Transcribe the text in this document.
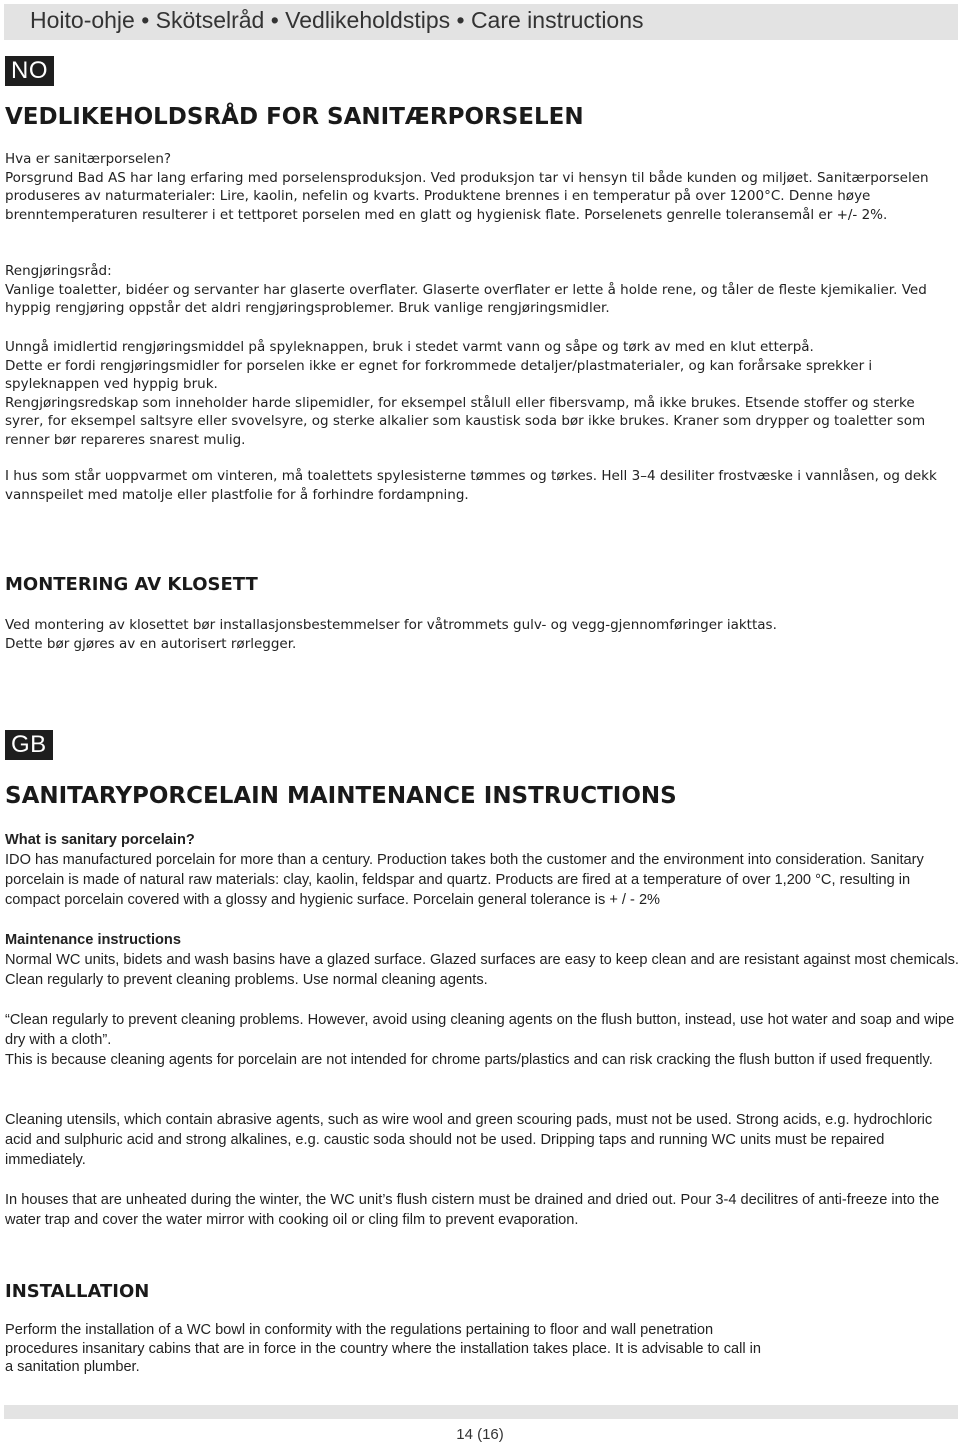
Hoito-ohje • Skötselråd • Vedlikeholdstips • Care instructions
NO
VEDLIKEHOLDSRÅD FOR SANITÆRPORSELEN

Hva er sanitærporselen?

Porsgrund Bad AS har lang erfaring med porselensproduksjon. Ved produksjon tar vi hensyn til både kunden og miljøet. Sanitærporselen produseres av naturmaterialer: Lire, kaolin, nefelin og kvarts. Produktene brennes i en temperatur på over 1200°C. Denne høye brenntemperaturen resulterer i et tettporet porselen med en glatt og hygienisk flate. Porselenets genrelle toleransemål er +/- 2%.

Rengjøringsråd:

Vanlige toaletter, bidéer og servanter har glaserte overflater. Glaserte overflater er lette å holde rene, og tåler de fleste kjemikalier. Ved hyppig rengjøring oppstår det aldri rengjøringsproblemer. Bruk vanlige rengjøringsmidler.

Unngå imidlertid rengjøringsmiddel på spyleknappen, bruk i stedet varmt vann og såpe og tørk av med en klut etterpå.

Dette er fordi rengjøringsmidler for porselen ikke er egnet for forkrommede detaljer/plastmaterialer, og kan forårsake sprekker i spyleknappen ved hyppig bruk.

Rengjøringsredskap som inneholder harde slipemidler, for eksempel stålull eller fibersvamp, må ikke brukes. Etsende stoffer og sterke syrer, for eksempel saltsyre eller svovelsyre, og sterke alkalier som kaustisk soda bør ikke brukes. Kraner som drypper og toaletter som renner bør repareres snarest mulig.

I hus som står uoppvarmet om vinteren, må toalettets spylesisterne tømmes og tørkes. Hell 3–4 desiliter frostvæske i vannlåsen, og dekk vannspeilet med matolje eller plastfolie for å forhindre fordampning.

MONTERING AV KLOSETT

Ved montering av klosettet bør installasjonsbestemmelser for våtrommets gulv- og vegg-gjennomføringer iakttas. Dette bør gjøres av en autorisert rørlegger.

GB
SANITARYPORCELAIN MAINTENANCE INSTRUCTIONS

What is sanitary porcelain?

IDO has manufactured porcelain for more than a century. Production takes both the customer and the environment into consideration. Sanitary porcelain is made of natural raw materials: clay, kaolin, feldspar and quartz. Products are fired at a temperature of over 1,200 °C, resulting in compact porcelain covered with a glossy and hygienic surface. Porcelain general tolerance is + / - 2%

Maintenance instructions

Normal WC units, bidets and wash basins have a glazed surface. Glazed surfaces are easy to keep clean and are resistant against most chemicals. Clean regularly to prevent cleaning problems. Use normal cleaning agents.

“Clean regularly to prevent cleaning problems. However, avoid using cleaning agents on the flush button, instead, use hot water and soap and wipe dry with a cloth”.

This is because cleaning agents for porcelain are not intended for chrome parts/plastics and can risk cracking the flush button if used frequently.

Cleaning utensils, which contain abrasive agents, such as wire wool and green scouring pads, must not be used. Strong acids, e.g. hydrochloric acid and sulphuric acid and strong alkalines, e.g. caustic soda should not be used. Dripping taps and running WC units must be repaired immediately.

In houses that are unheated during the winter, the WC unit’s flush cistern must be drained and dried out. Pour 3-4 decilitres of anti-freeze into the water trap and cover the water mirror with cooking oil or cling film to prevent evaporation.

INSTALLATION

Perform the installation of a WC bowl in conformity with the regulations pertaining to floor and wall penetration procedures insanitary cabins that are in force in the country where the installation takes place. It is advisable to call in a sanitation plumber.

14 (16)
